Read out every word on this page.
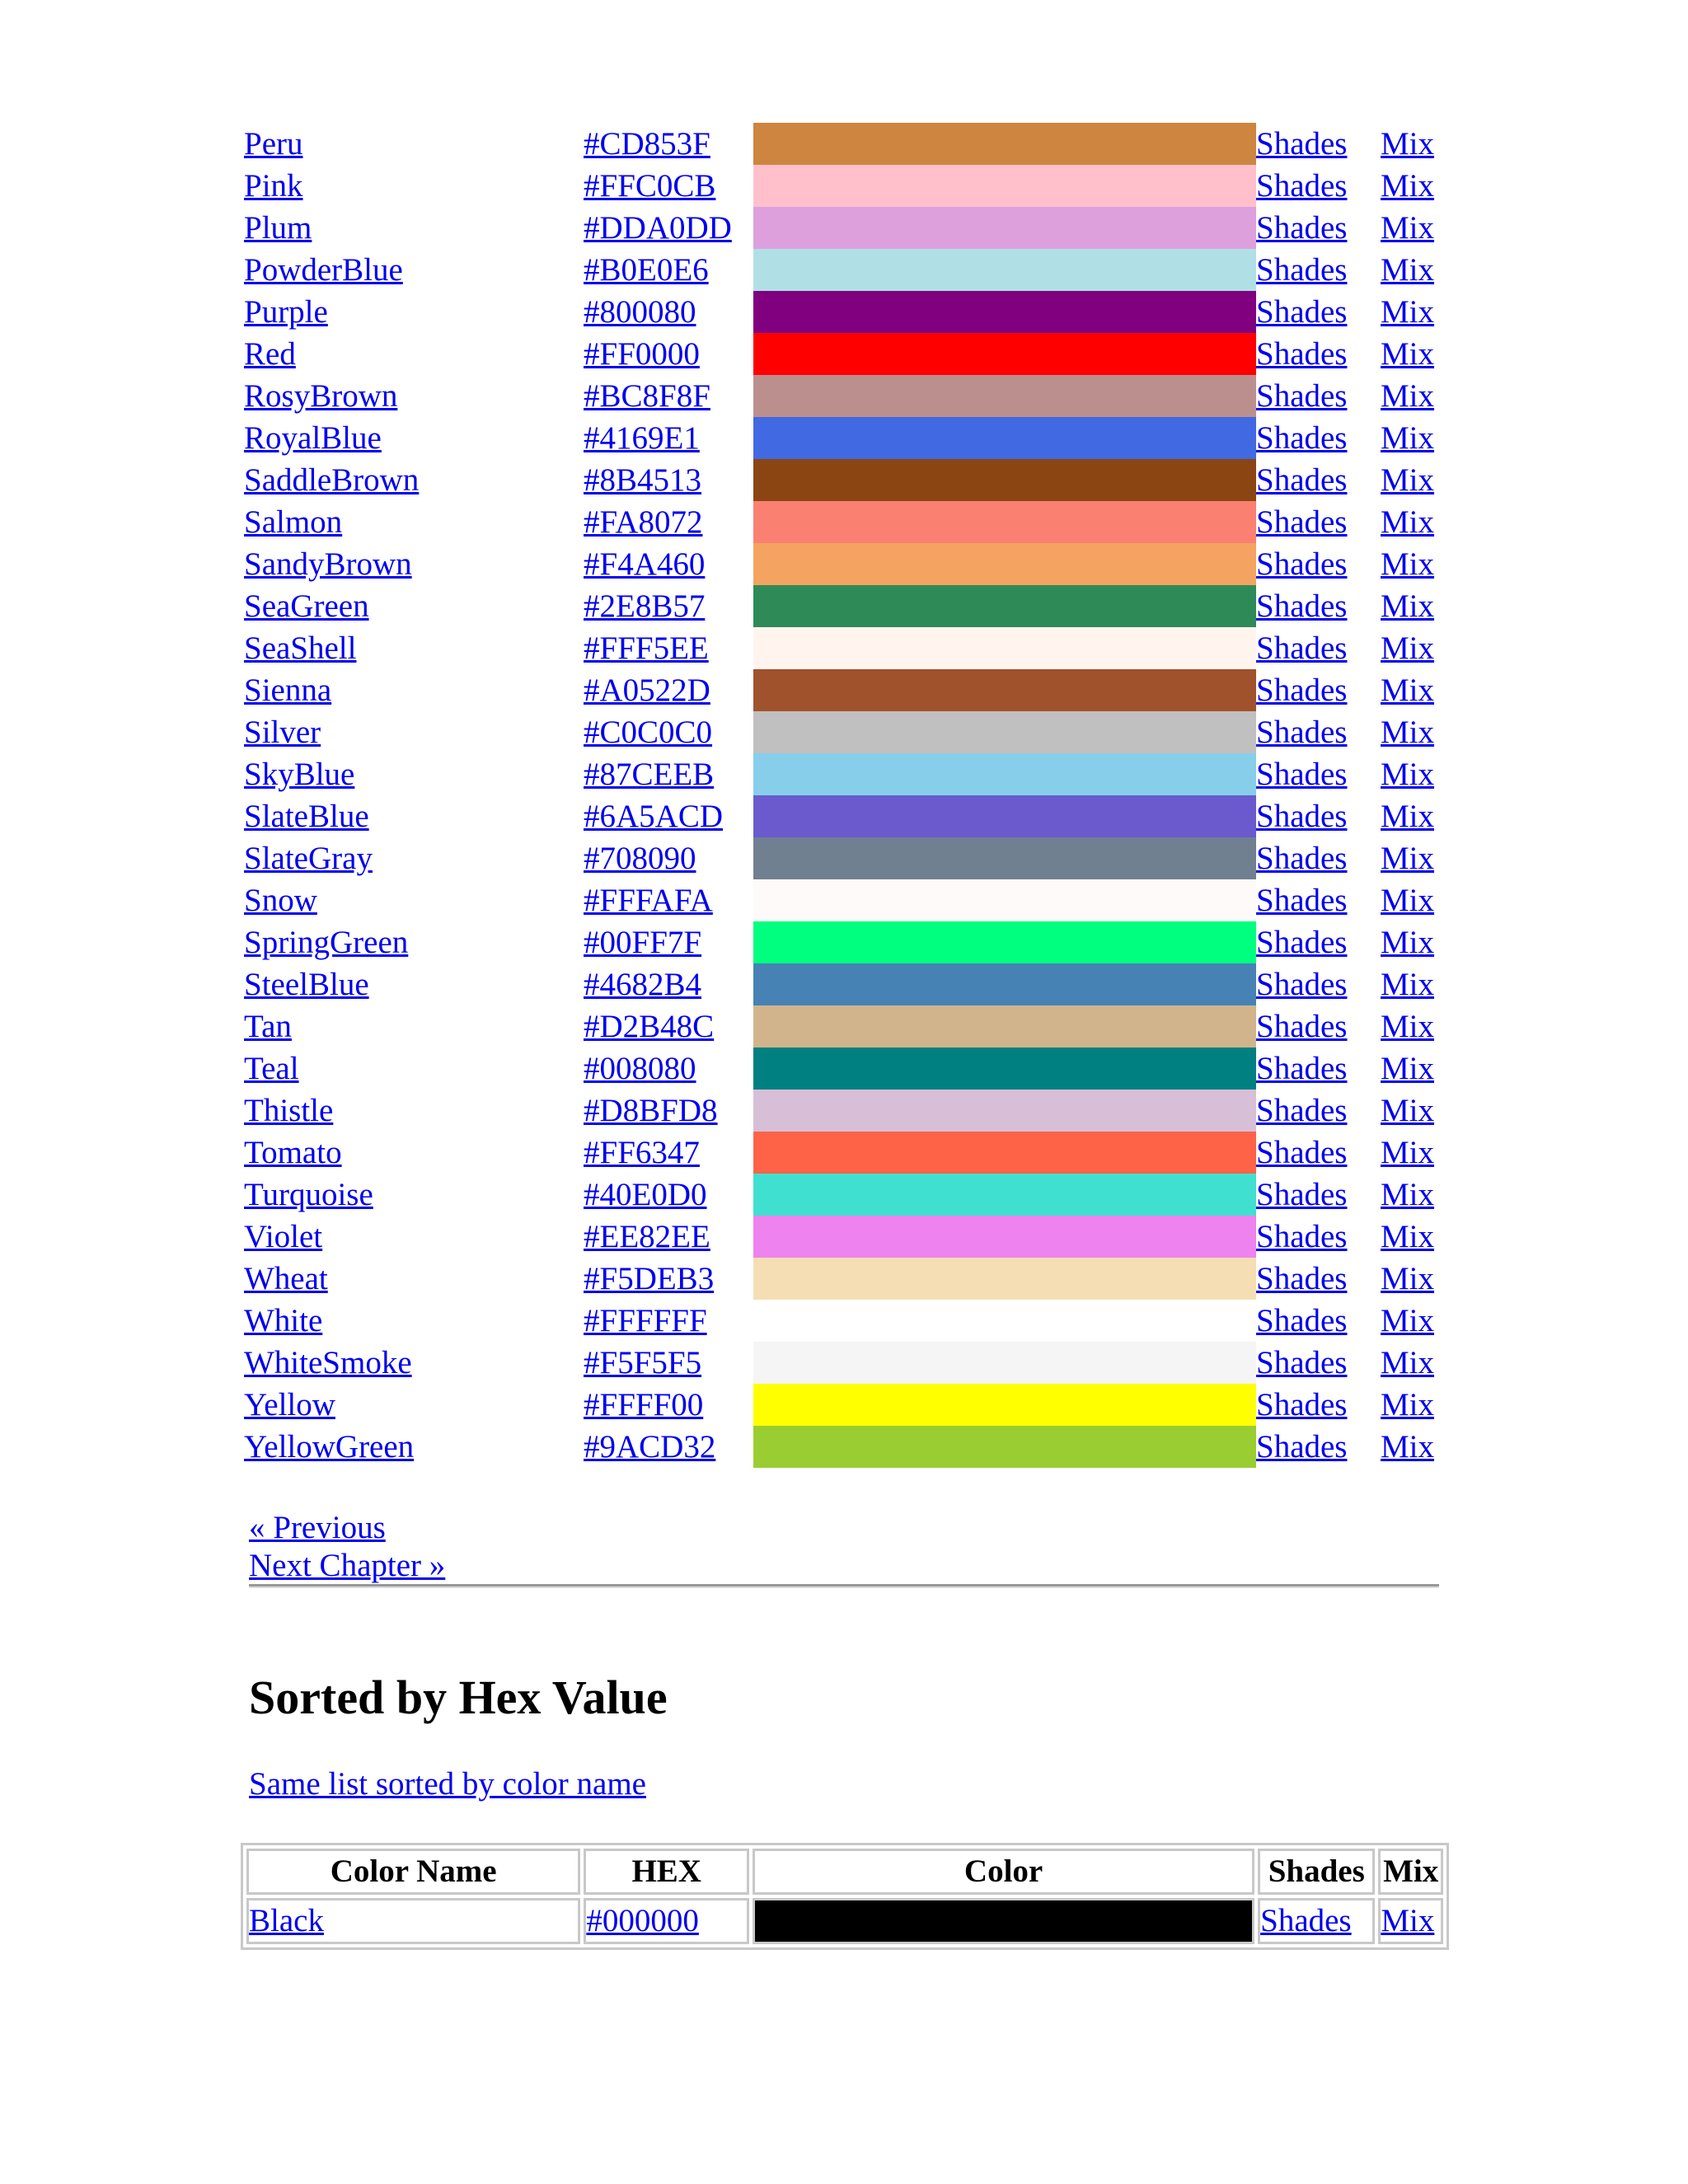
Peru	#CD853F		Shades	Mix
Pink	#FFC0CB		Shades	Mix
Plum	#DDA0DD		Shades	Mix
PowderBlue	#B0E0E6		Shades	Mix
Purple	#800080		Shades	Mix
Red	#FF0000		Shades	Mix
RosyBrown	#BC8F8F		Shades	Mix
RoyalBlue	#4169E1		Shades	Mix
SaddleBrown	#8B4513		Shades	Mix
Salmon	#FA8072		Shades	Mix
SandyBrown	#F4A460		Shades	Mix
SeaGreen	#2E8B57		Shades	Mix
SeaShell	#FFF5EE		Shades	Mix
Sienna	#A0522D		Shades	Mix
Silver	#C0C0C0		Shades	Mix
SkyBlue	#87CEEB		Shades	Mix
SlateBlue	#6A5ACD		Shades	Mix
SlateGray	#708090		Shades	Mix
Snow	#FFFAFA		Shades	Mix
SpringGreen	#00FF7F		Shades	Mix
SteelBlue	#4682B4		Shades	Mix
Tan	#D2B48C		Shades	Mix
Teal	#008080		Shades	Mix
Thistle	#D8BFD8		Shades	Mix
Tomato	#FF6347		Shades	Mix
Turquoise	#40E0D0		Shades	Mix
Violet	#EE82EE		Shades	Mix
Wheat	#F5DEB3		Shades	Mix
White	#FFFFFF		Shades	Mix
WhiteSmoke	#F5F5F5		Shades	Mix
Yellow	#FFFF00		Shades	Mix
YellowGreen	#9ACD32		Shades	Mix
« Previous
Next Chapter »
Sorted by Hex Value
Same list sorted by color name
Color Name	HEX	Color	Shades	Mix
Black	#000000		Shades	Mix
